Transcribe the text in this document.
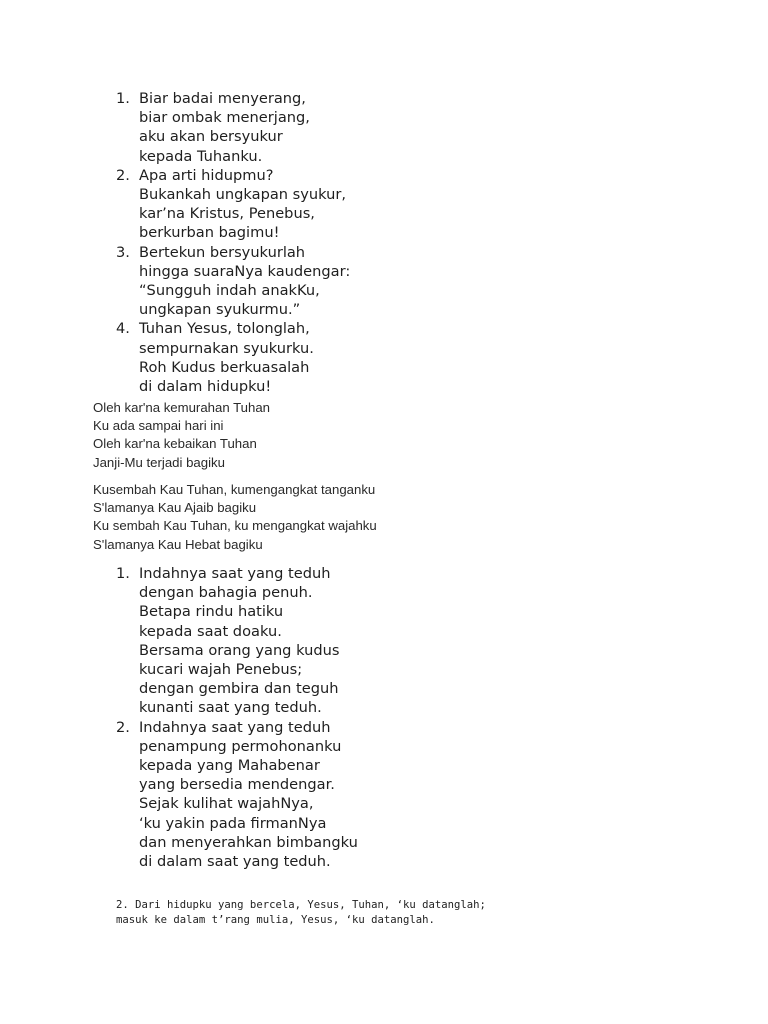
1. Biar badai menyerang,
biar ombak menerjang,
aku akan bersyukur
kepada Tuhanku.
2. Apa arti hidupmu?
Bukankah ungkapan syukur,
kar’na Kristus, Penebus,
berkurban bagimu!
3. Bertekun bersyukurlah
hingga suaraNya kaudengar:
“Sungguh indah anakKu,
ungkapan syukurmu.”
4. Tuhan Yesus, tolonglah,
sempurnakan syukurku.
Roh Kudus berkuasalah
di dalam hidupku!
Oleh kar'na kemurahan Tuhan
Ku ada sampai hari ini
Oleh kar'na kebaikan Tuhan
Janji-Mu terjadi bagiku
Kusembah Kau Tuhan, kumengangkat tanganku
S'lamanya Kau Ajaib bagiku
Ku sembah Kau Tuhan, ku mengangkat wajahku
S'lamanya Kau Hebat bagiku
1. Indahnya saat yang teduh
dengan bahagia penuh.
Betapa rindu hatiku
kepada saat doaku.
Bersama orang yang kudus
kucari wajah Penebus;
dengan gembira dan teguh
kunanti saat yang teduh.
2. Indahnya saat yang teduh
penampung permohonanku
kepada yang Mahabenar
yang bersedia mendengar.
Sejak kulihat wajahNya,
‘ku yakin pada firmanNya
dan menyerahkan bimbangku
di dalam saat yang teduh.
2. Dari hidupku yang bercela, Yesus, Tuhan, ‘ku datanglah;
masuk ke dalam t’rang mulia, Yesus, ‘ku datanglah.
